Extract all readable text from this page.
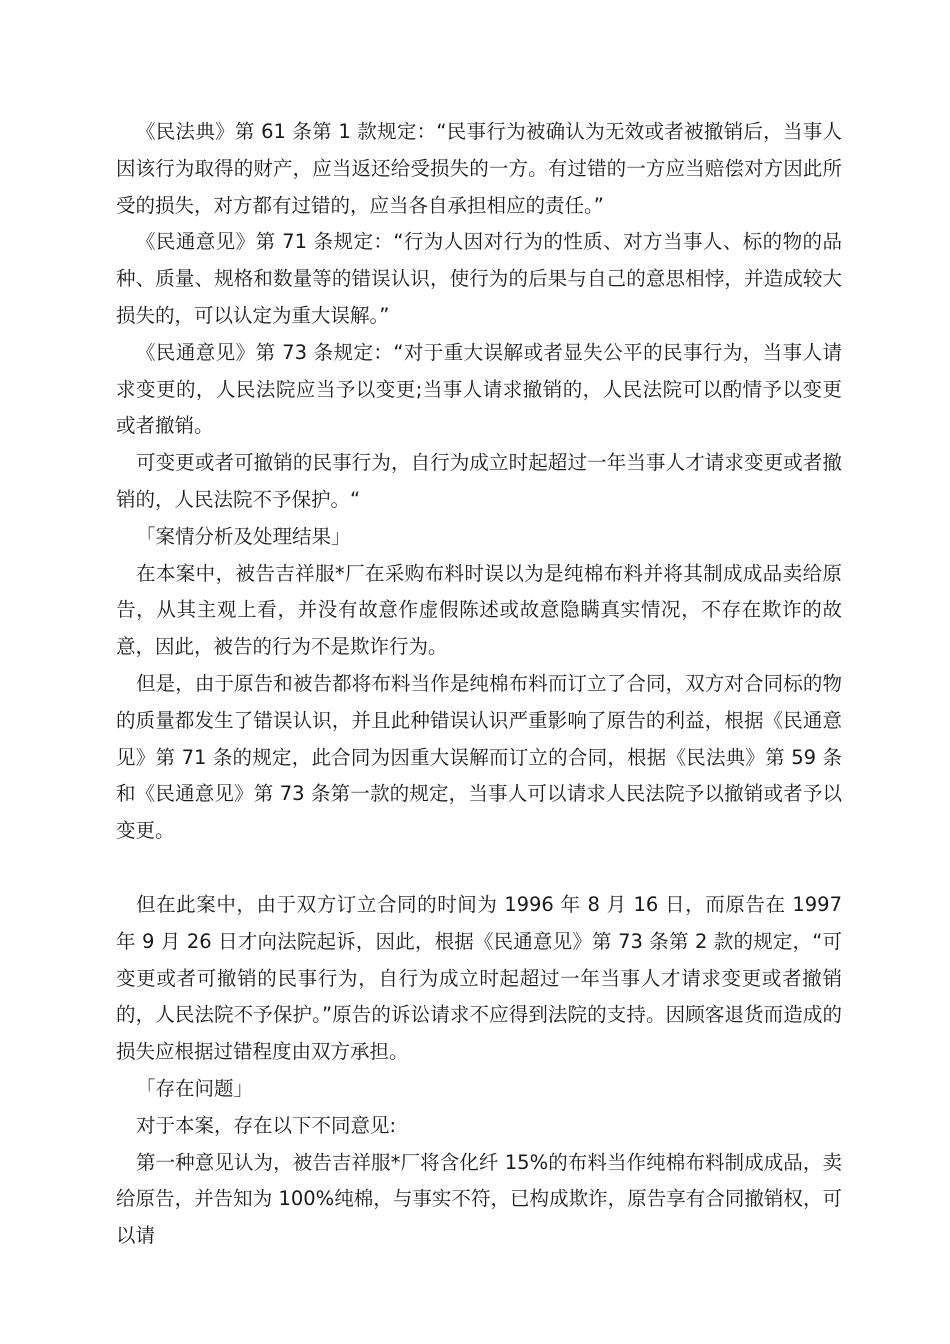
《民法典》第 61 条第 1 款规定：“民事行为被确认为无效或者被撤销后，当事人因该行为取得的财产，应当返还给受损失的一方。有过错的一方应当赔偿对方因此所受的损失，对方都有过错的，应当各自承担相应的责任。”

《民通意见》第 71 条规定：“行为人因对行为的性质、对方当事人、标的物的品种、质量、规格和数量等的错误认识，使行为的后果与自己的意思相悖，并造成较大损失的，可以认定为重大误解。”

《民通意见》第 73 条规定：“对于重大误解或者显失公平的民事行为，当事人请求变更的，人民法院应当予以变更;当事人请求撤销的，人民法院可以酌情予以变更或者撤销。

可变更或者可撤销的民事行为，自行为成立时起超过一年当事人才请求变更或者撤销的，人民法院不予保护。“

「案情分析及处理结果」

在本案中，被告吉祥服*厂在采购布料时误以为是纯棉布料并将其制成成品卖给原告，从其主观上看，并没有故意作虚假陈述或故意隐瞒真实情况，不存在欺诈的故意，因此，被告的行为不是欺诈行为。

但是，由于原告和被告都将布料当作是纯棉布料而订立了合同，双方对合同标的物的质量都发生了错误认识，并且此种错误认识严重影响了原告的利益，根据《民通意见》第 71 条的规定，此合同为因重大误解而订立的合同，根据《民法典》第 59 条和《民通意见》第 73 条第一款的规定，当事人可以请求人民法院予以撤销或者予以变更。

但在此案中，由于双方订立合同的时间为 1996 年 8 月 16 日，而原告在 1997 年 9 月 26 日才向法院起诉，因此，根据《民通意见》第 73 条第 2 款的规定，“可变更或者可撤销的民事行为，自行为成立时起超过一年当事人才请求变更或者撤销的，人民法院不予保护。”原告的诉讼请求不应得到法院的支持。因顾客退货而造成的损失应根据过错程度由双方承担。

「存在问题」

对于本案，存在以下不同意见:

第一种意见认为，被告吉祥服*厂将含化纤 15%的布料当作纯棉布料制成成品，卖给原告，并告知为 100%纯棉，与事实不符，已构成欺诈，原告享有合同撤销权，可以请
